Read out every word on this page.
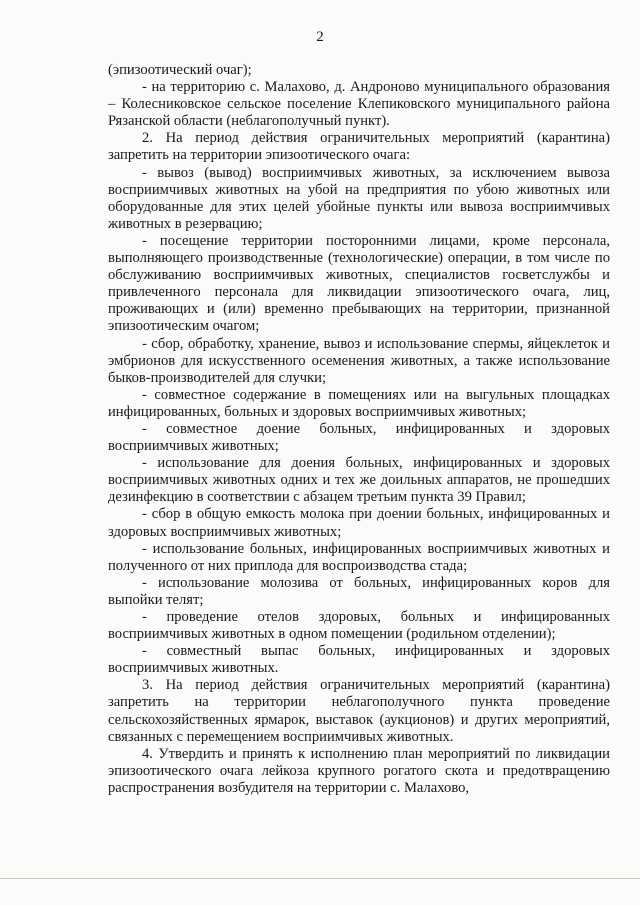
2

(эпизоотический очаг);

- на территорию с. Малахово, д. Андроново муниципального образования – Колесниковское сельское поселение Клепиковского муниципального района Рязанской области (неблагополучный пункт).

2. На период действия ограничительных мероприятий (карантина) запретить на территории эпизоотического очага:

- вывоз (вывод) восприимчивых животных, за исключением вывоза восприимчивых животных на убой на предприятия по убою животных или оборудованные для этих целей убойные пункты или вывоза восприимчивых животных в резервацию;

- посещение территории посторонними лицами, кроме персонала, выполняющего производственные (технологические) операции, в том числе по обслуживанию восприимчивых животных, специалистов госветслужбы и привлеченного персонала для ликвидации эпизоотического очага, лиц, проживающих и (или) временно пребывающих на территории, признанной эпизоотическим очагом;

- сбор, обработку, хранение, вывоз и использование спермы, яйцеклеток и эмбрионов для искусственного осеменения животных, а также использование быков-производителей для случки;

- совместное содержание в помещениях или на выгульных площадках инфицированных, больных и здоровых восприимчивых животных;

- совместное доение больных, инфицированных и здоровых восприимчивых животных;

- использование для доения больных, инфицированных и здоровых восприимчивых животных одних и тех же доильных аппаратов, не прошедших дезинфекцию в соответствии с абзацем третьим пункта 39 Правил;

- сбор в общую емкость молока при доении больных, инфицированных и здоровых восприимчивых животных;

- использование больных, инфицированных восприимчивых животных и полученного от них приплода для воспроизводства стада;

- использование молозива от больных, инфицированных коров для выпойки телят;

- проведение отелов здоровых, больных и инфицированных восприимчивых животных в одном помещении (родильном отделении);

- совместный выпас больных, инфицированных и здоровых восприимчивых животных.

3. На период действия ограничительных мероприятий (карантина) запретить на территории неблагополучного пункта проведение сельскохозяйственных ярмарок, выставок (аукционов) и других мероприятий, связанных с перемещением восприимчивых животных.

4. Утвердить и принять к исполнению план мероприятий по ликвидации эпизоотического очага лейкоза крупного рогатого скота и предотвращению распространения возбудителя на территории с. Малахово,
